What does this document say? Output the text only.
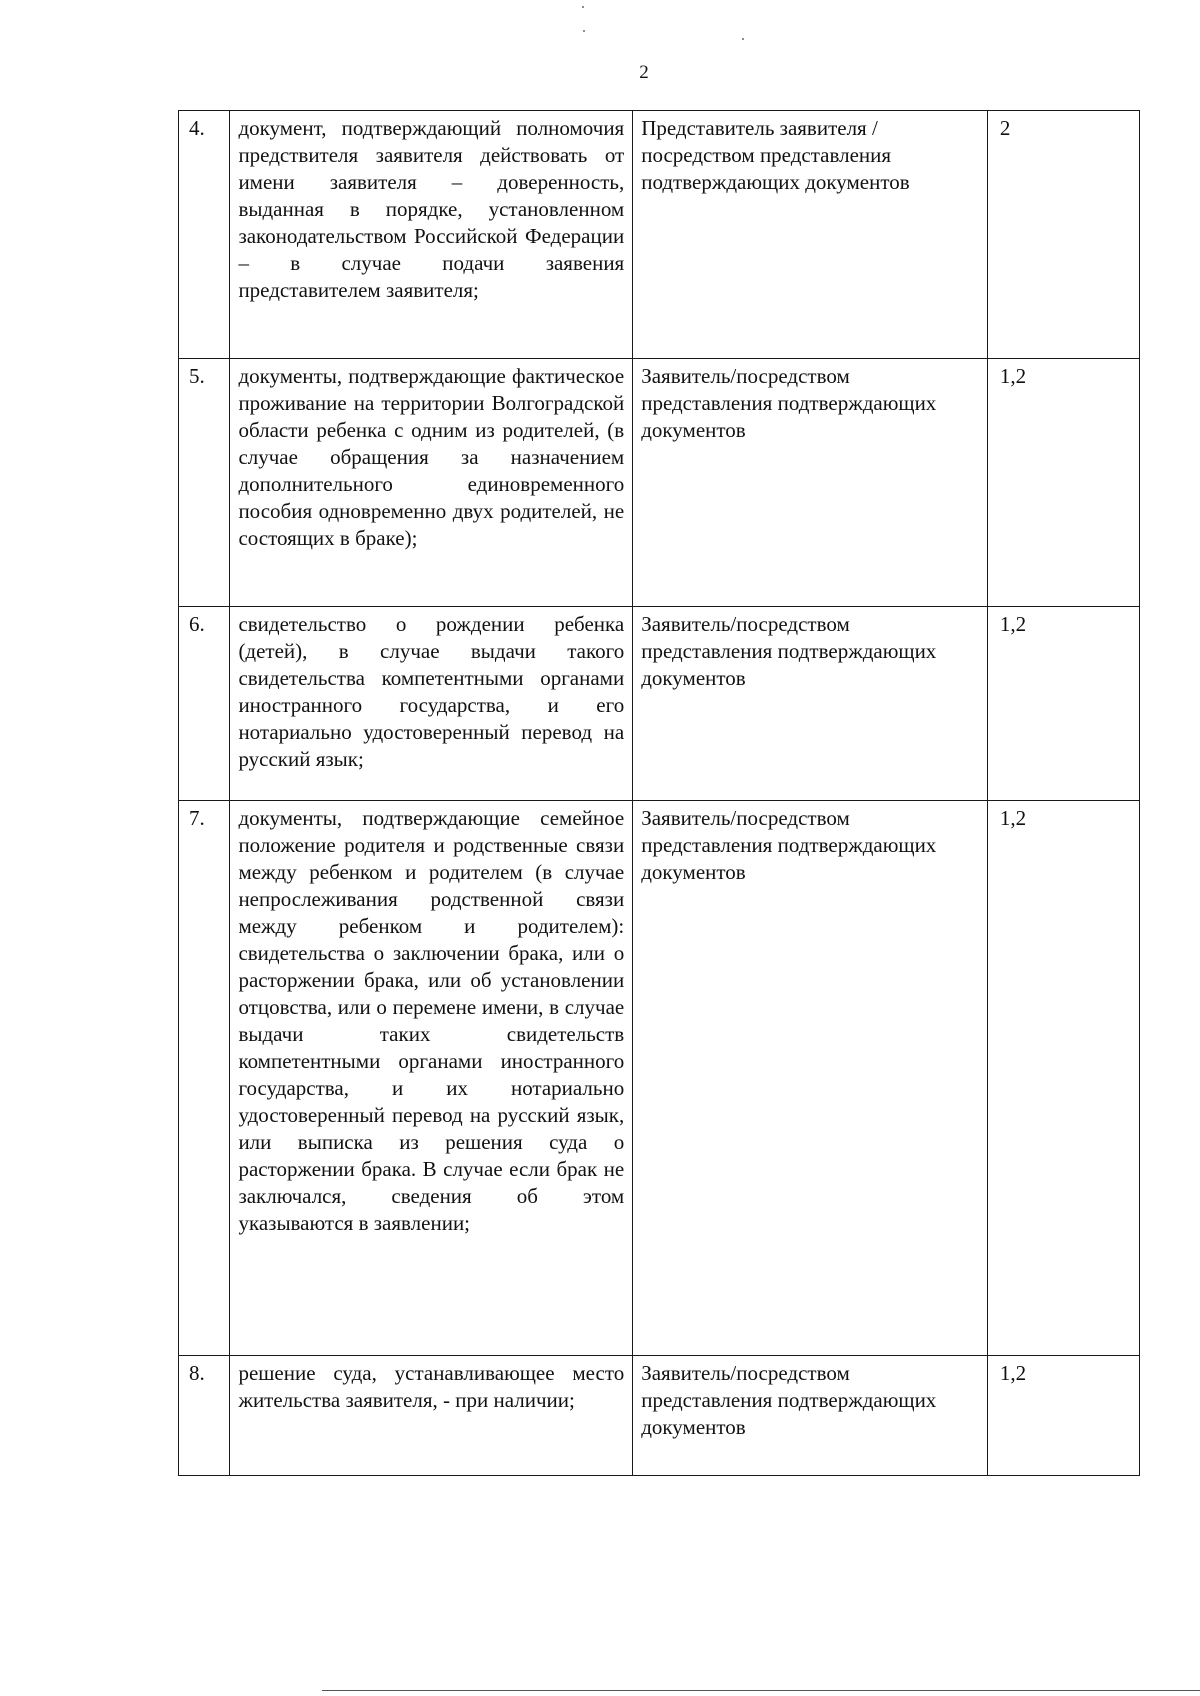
2
4.	документ, подтверждающий полномочия предствителя заявителя действовать от имени заявителя – доверенность, выданная в порядке, установленном законодательством Российской Федерации – в случае подачи заявения представителем заявителя;	Представитель заявителя /посредством представления подтверждающих документов	2
5.	документы, подтверждающие фактическое проживание на территории Волгоградской области ребенка с одним из родителей, (в случае обращения за назначением дополнительного единовременного пособия одновременно двух родителей, не состоящих в браке);	Заявитель/посредством представления подтверждающих документов	1,2
6.	свидетельство о рождении ребенка (детей), в случае выдачи такого свидетельства компетентными органами иностранного государства, и его нотариально удостоверенный перевод на русский язык;	Заявитель/посредством представления подтверждающих документов	1,2
7.	документы, подтверждающие семейное положение родителя и родственные связи между ребенком и родителем (в случае непрослеживания родственной связи между ребенком и родителем): свидетельства о заключении брака, или о расторжении брака, или об установлении отцовства, или о перемене имени, в случае выдачи таких свидетельств компетентными органами иностранного государства, и их нотариально удостоверенный перевод на русский язык, или выписка из решения суда о расторжении брака. В случае если брак не заключался, сведения об этом указываются в заявлении;	Заявитель/посредством представления подтверждающих документов	1,2
8.	решение суда, устанавливающее место жительства заявителя, - при наличии;	Заявитель/посредством представления подтверждающих документов	1,2
